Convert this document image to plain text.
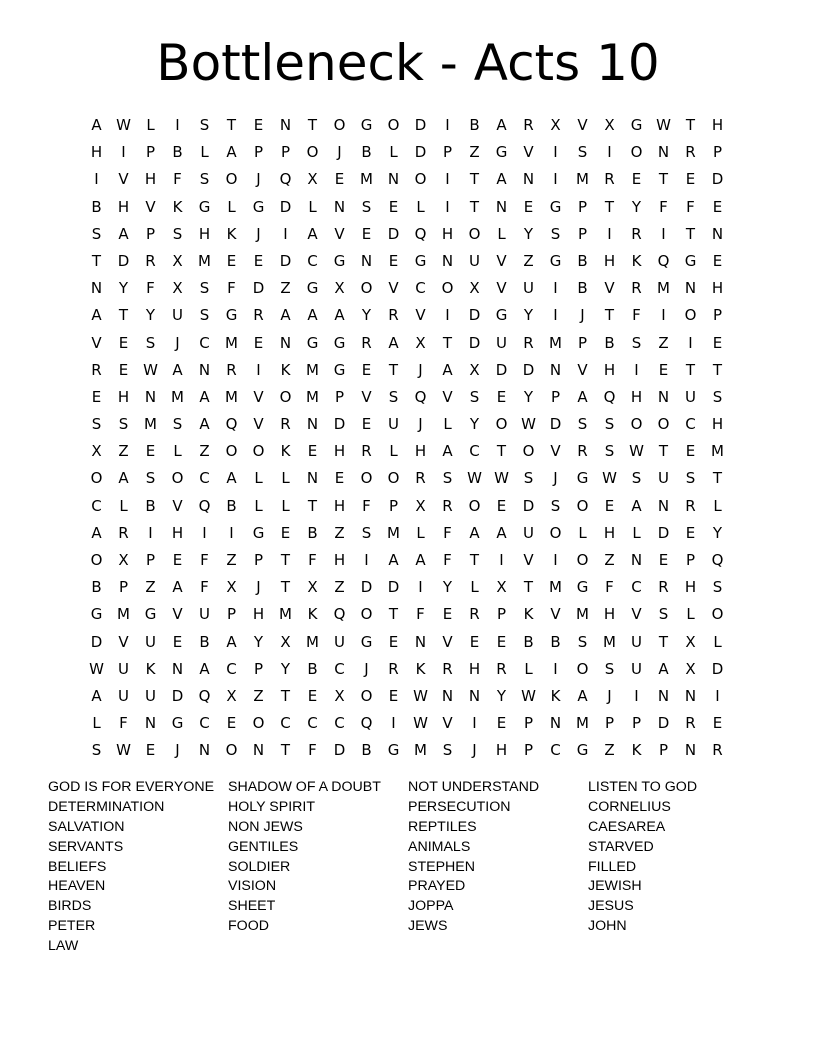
Bottleneck - Acts 10
A W	L	I	S	T	E	N	T	O	G	O	D	I	B	A	R	X	V	X	G W T	H
H	I	P	B	L	A	P	P	O	J	B	L	D	P	Z	G	V	I	S	I	O	N	R	P
I	V	H	F	S	O	J	Q	X	E	M N	O	I	T	A	N	I	M	R	E	T	E	D
B	H	V	K	G	L	G	D	L	N	S	E	L	I	T	N	E	G	P	T	Y	F	F	E
S	A	P	S	H	K	J	I	A	V	E	D	Q	H	O	L	Y	S	P	I	R	I	T	N
T	D	R	X	M	E	E	D	C	G	N	E	G	N	U	V	Z	G	B	H	K	Q	G	E
N	Y	F	X	S	F	D	Z	G	X	O	V	C	O	X	V	U	I	B	V	R	M N	H
A	T	Y	U	S	G	R	A	A	A	Y	R	V	I	D	G	Y	I	J	T	F	I	O	P
V	E	S	J	C	M	E	N	G	G	R	A	X	T	D	U	R	M	P	B	S	Z	I	E
R	E W A	N	R	I	K	M G	E	T	J	A	X	D	D	N	V	H	I	E	T	T
E	H	N M	A	M	V	O M	P	V	S	Q	V	S	E	Y	P	A	Q	H	N	U	S
S	S	M	S	A	Q	V	R	N	D	E	U	J	L	Y	O W D	S	S	O	O	C	H
X	Z	E	L	Z	O	O	K	E	H	R	L	H	A	C	T	O	V	R	S W T	E	M
O	A	S	O	C	A	L	L	N	E	O	O	R	S W W S	J	G W S	U	S	T
C	L	B	V	Q	B	L	L	T	H	F	P	X	R	O	E	D	S	O	E	A	N	R	L
A	R	I	H	I	I	G	E	B	Z	S	M	L	F	A	A	U	O	L	H	L	D	E	Y
O	X	P	E	F	Z	P	T	F	H	I	A	A	F	T	I	V	I	O	Z	N	E	P	Q
B	P	Z	A	F	X	J	T	X	Z	D	D	I	Y	L	X	T	M G	F	C	R	H	S
G M G	V	U	P	H M	K	Q	O	T	F	E	R	P	K	V	M H	V	S	L	O
D	V	U	E	B	A	Y	X	M	U	G	E	N	V	E	E	B	B	S	M	U	T	X	L
W U	K	N	A	C	P	Y	B	C	J	R	K	R	H	R	L	I	O	S	U	A	X	D
A	U	U	D	Q	X	Z	T	E	X	O	E W N	N	Y	W K	A	J	I	N	N	I
L	F	N	G	C	E	O	C	C	C	Q	I	W V	I	E	P	N M	P	P	D	R	E
S W E	J	N	O	N	T	F	D	B	G M	S	J	H	P	C	G	Z	K	P	N	R
GOD IS FOR EVERYONE
DETERMINATION
SALVATION
SERVANTS
BELIEFS
HEAVEN
BIRDS
PETER
LAW
SHADOW OF A DOUBT
HOLY SPIRIT
NON JEWS
GENTILES
SOLDIER
VISION
SHEET
FOOD
NOT UNDERSTAND
PERSECUTION
REPTILES
ANIMALS
STEPHEN
PRAYED
JOPPA
JEWS
LISTEN TO GOD
CORNELIUS
CAESAREA
STARVED
FILLED
JEWISH
JESUS
JOHN
